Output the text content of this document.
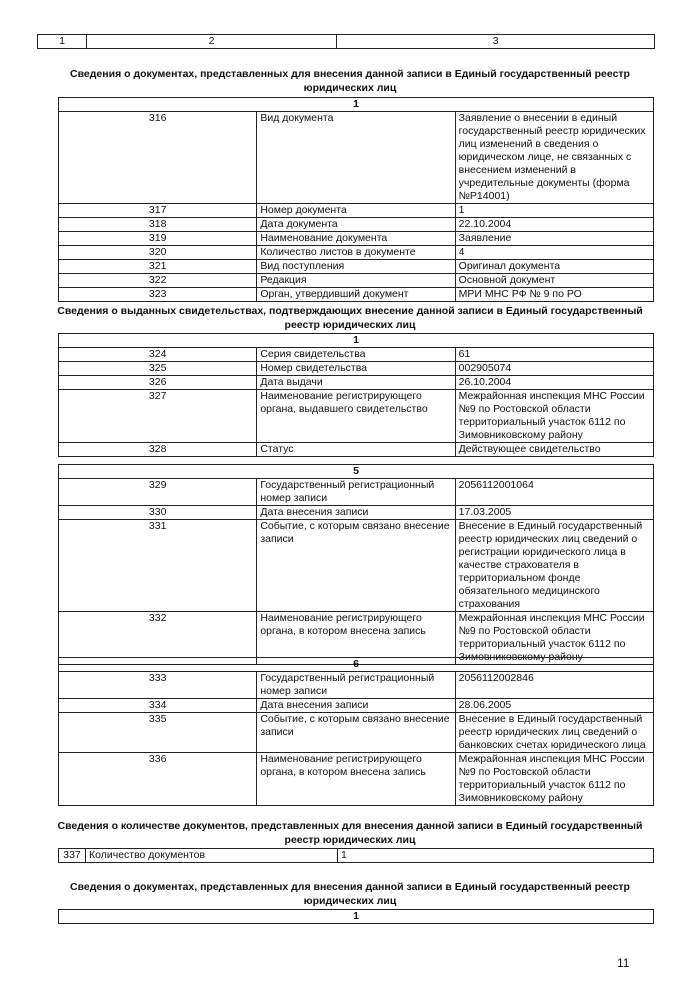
1	2	3
Сведения о документах, представленных для внесения данной записи в Единый государственный реестр юридических лиц
1		
316	Вид документа	Заявление о внесении в единый государственный реестр юридических лиц изменений в сведения о юридическом лице, не связанных с внесением изменений в учредительные документы (форма №Р14001)
317	Номер документа	1
318	Дата документа	22.10.2004
319	Наименование документа	Заявление
320	Количество листов в документе	4
321	Вид поступления	Оригинал документа
322	Редакция	Основной документ
323	Орган, утвердивший документ	МРИ МНС РФ № 9 по РО
Сведения о выданных свидетельствах, подтверждающих внесение данной записи в Единый государственный реестр юридических лиц
1		
324	Серия свидетельства	61
325	Номер свидетельства	002905074
326	Дата выдачи	26.10.2004
327	Наименование регистрирующего органа, выдавшего свидетельство	Межрайонная инспекция МНС России №9 по Ростовской области территориальный участок 6112 по Зимовниковскому району
328	Статус	Действующее свидетельство
5		
329	Государственный регистрационный номер записи	2056112001064
330	Дата внесения записи	17.03.2005
331	Событие, с которым связано внесение записи	Внесение в Единый государственный реестр юридических лиц сведений о регистрации юридического лица в качестве страхователя в территориальном фонде обязательного медицинского страхования
332	Наименование регистрирующего органа, в котором внесена запись	Межрайонная инспекция МНС России №9 по Ростовской области территориальный участок 6112 по Зимовниковскому району
6		
333	Государственный регистрационный номер записи	2056112002846
334	Дата внесения записи	28.06.2005
335	Событие, с которым связано внесение записи	Внесение в Единый государственный реестр юридических лиц сведений о банковских счетах юридического лица
336	Наименование регистрирующего органа, в котором внесена запись	Межрайонная инспекция МНС России №9 по Ростовской области территориальный участок 6112 по Зимовниковскому району
Сведения о количестве документов, представленных для внесения данной записи в Единый государственный реестр юридических лиц
337	Количество документов	1
Сведения о документах, представленных для внесения данной записи в Единый государственный реестр юридических лиц
1
11
